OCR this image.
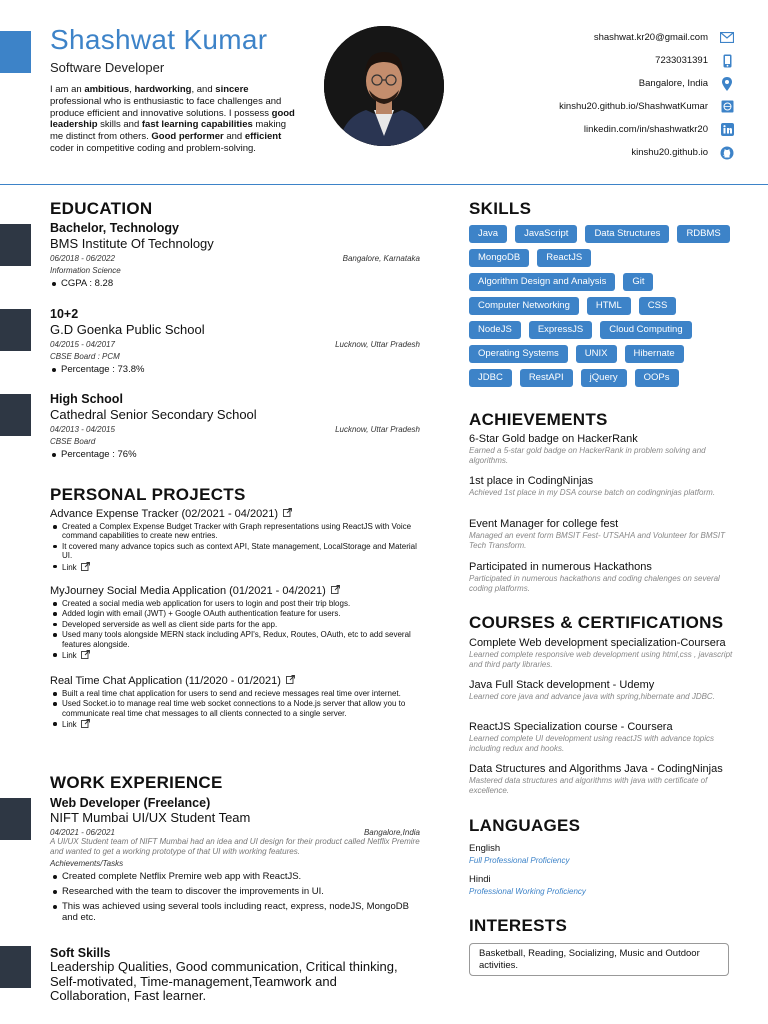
Shashwat Kumar
Software Developer
I am an ambitious, hardworking, and sincere professional who is enthusiastic to face challenges and produce efficient and innovative solutions. I possess good leadership skills and fast learning capabilities making me distinct from others. Good performer and efficient coder in competitive coding and problem-solving.
shashwat.kr20@gmail.com
7233031391
Bangalore, India
kinshu20.github.io/ShashwatKumar
linkedin.com/in/shashwatkr20
kinshu20.github.io
EDUCATION
PERSONAL PROJECTS
WORK EXPERIENCE
Bachelor, Technology
BMS Institute Of Technology
06/2018 - 06/2022	Bangalore, Karnataka
Information Science
CGPA : 8.28
10+2
G.D Goenka Public School
04/2015 - 04/2017	Lucknow, Uttar Pradesh
CBSE Board : PCM
Percentage : 73.8%
High School
Cathedral Senior Secondary School
04/2013 - 04/2015	Lucknow, Uttar Pradesh
CBSE Board
Percentage : 76%
Advance Expense Tracker (02/2021 - 04/2021)
Created a Complex Expense Budget Tracker with Graph representations using ReactJS with Voice command capabilities to create new entries.
It covered many advance topics such as context API, State management, LocalStorage and Material UI.
Link
MyJourney Social Media Application (01/2021 - 04/2021)
Created a social media web application for users to login and post their trip blogs.
Added login with email (JWT) + Google OAuth authentication feature for users.
Developed serverside as well as client side parts for the app.
Used many tools alongside MERN stack including API's, Redux, Routes, OAuth, etc to add several features alongside.
Link
Real Time Chat Application (11/2020 - 01/2021)
Built a real time chat application for users to send and recieve messages real time over internet.
Used Socket.io to manage real time web socket connections to a Node.js server that allow you to communicate real time chat messages to all clients connected to a single server.
Link
Web Developer (Freelance)
NIFT Mumbai UI/UX Student Team
04/2021 - 06/2021	Bangalore,India
A UI/UX Student team of NIFT Mumbai had an idea and UI design for their product called Netflix Premire and wanted to get a working prototype of that UI with working features.
Achievements/Tasks
Created complete Netflix Premire web app with ReactJS.
Researched with the team to discover the improvements in UI.
This was achieved using several tools including react, express, nodeJS, MongoDB and etc.
Soft Skills
Leadership Qualities, Good communication, Critical thinking, Self-motivated, Time-management,Teamwork and Collaboration, Fast learner.
SKILLS
Java	JavaScript	Data Structures	RDBMS
MongoDB	ReactJS
Algorithm Design and Analysis	Git
Computer Networking	HTML	CSS
NodeJS	ExpressJS	Cloud Computing
Operating Systems	UNIX	Hibernate
JDBC	RestAPI	jQuery	OOPs
ACHIEVEMENTS
6-Star Gold badge on HackerRank
Earned a 5-star gold badge on HackerRank in problem solving and algorithms.
1st place in CodingNinjas
Achieved 1st place in my DSA course batch on codingninjas platform.
Event Manager for college fest
Managed an event form BMSIT Fest- UTSAHA and Volunteer for BMSIT Tech Transform.
Participated in numerous Hackathons
Participated in numerous hackathons and coding chalenges on several coding platforms.
COURSES & CERTIFICATIONS
Complete Web development specialization-Coursera
Learned complete responsive web development using html,css , javascript and third party libraries.
Java Full Stack development - Udemy
Learned core java and advance java with spring,hibernate and JDBC.
ReactJS Specialization course - Coursera
Learned complete UI development using reactJS with advance topics including redux and hooks.
Data Structures and Algorithms Java - CodingNinjas
Mastered data structures and algorithms with java with certificate of excellence.
LANGUAGES
English
Full Professional Proficiency
Hindi
Professional Working Proficiency
INTERESTS
Basketball, Reading, Socializing, Music and Outdoor activities.
